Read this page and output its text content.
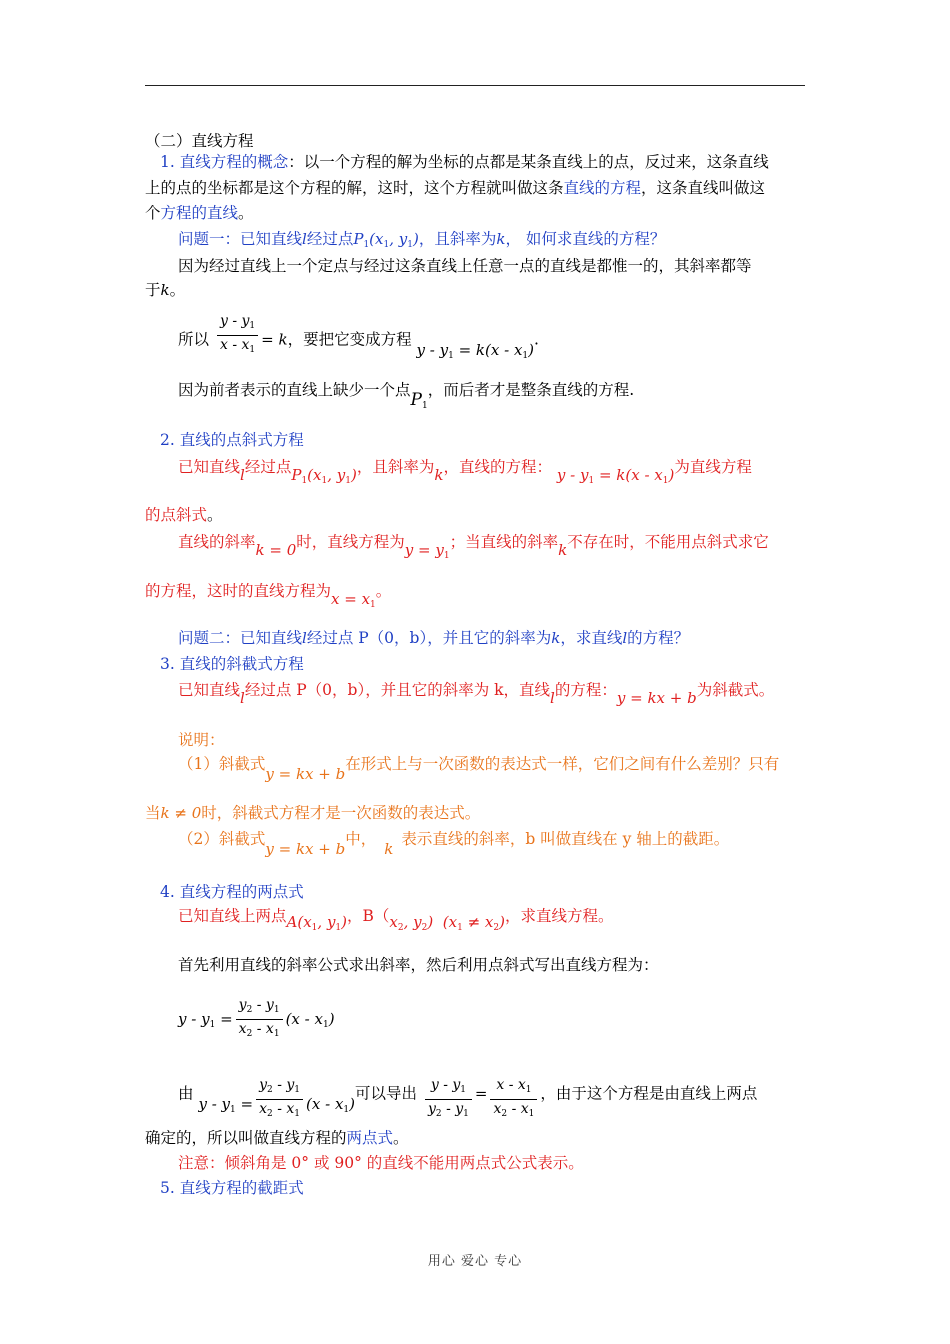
（二）直线方程
1. 直线方程的概念：以一个方程的解为坐标的点都是某条直线上的点，反过来，这条直线
上的点的坐标都是这个方程的解，这时，这个方程就叫做这条直线的方程，这条直线叫做这
个方程的直线。
问题一：已知直线l经过点$P_1(x_1$, $y_1$)，且斜率为k， 如何求直线的方程？
因为经过直线上一个定点与经过这条直线上任意一点的直线是都惟一的，其斜率都等
于k。
所以 $\frac{y - y_1}{x - x_1} = k$，要把它变成方程 $y - y_1 = k(x - x_1)$.
因为前者表示的直线上缺少一个点$P_1$，而后者才是整条直线的方程.
2. 直线的点斜式方程
已知直线l经过点$P_1(x_1$, $y_1$)，且斜率为k，直线的方程： $y - y_1 = k(x - x_1)$为直线方程
的点斜式。
直线的斜率k = 0时，直线方程为$y = y_1$；当直线的斜率k不存在时，不能用点斜式求它
的方程，这时的直线方程为$x = x_1$。
问题二：已知直线l经过点 P（0，b），并且它的斜率为k，求直线l的方程？
3. 直线的斜截式方程
已知直线l经过点 P（0，b），并且它的斜率为 k，直线l的方程：y = kx + b为斜截式。
说明：
（1）斜截式y = kx + b在形式上与一次函数的表达式一样，它们之间有什么差别？只有
当k ≠ 0时，斜截式方程才是一次函数的表达式。
（2）斜截式y = kx + b中，k表示直线的斜率，b 叫做直线在 y 轴上的截距。
4. 直线方程的两点式
已知直线上两点$A(x_1$, $y_1$)，$B(x_2$, $y_2$)  $(x_1 \ne x_2)$，求直线方程。
首先利用直线的斜率公式求出斜率，然后利用点斜式写出直线方程为：
$y - y_1 = \frac{y_2 - y_1}{x_2 - x_1} (x - x_1)$
由 $y - y_1 = \frac{y_2 - y_1}{x_2 - x_1} (x - x_1)$可以导出 $\frac{y - y_1}{y_2 - y_1} = \frac{x - x_1}{x_2 - x_1}$ ，由于这个方程是由直线上两点
确定的，所以叫做直线方程的两点式。
注意：倾斜角是 0° 或 90° 的直线不能用两点式公式表示。
5. 直线方程的截距式
用心 爱心 专心
